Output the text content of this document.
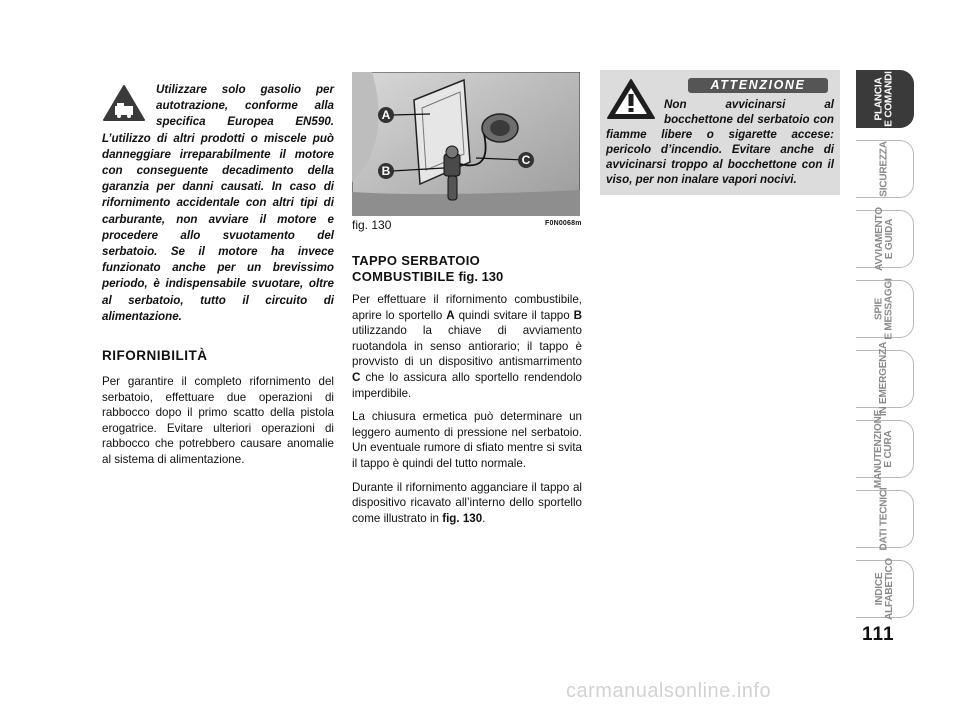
Utilizzare solo gasolio per autotrazione, conforme alla specifica Europea EN590. L’utilizzo di altri prodotti o miscele può danneggiare irreparabilmente il motore con conseguente decadimento della garanzia per danni causati. In caso di rifornimento accidentale con altri tipi di carburante, non avviare il motore e procedere allo svuotamento del serbatoio. Se il motore ha invece funzionato anche per un brevissimo periodo, è indispensabile svuotare, oltre al serbatoio, tutto il circuito di alimentazione.

RIFORNIBILITÀ

Per garantire il completo rifornimento del serbatoio, effettuare due operazioni di rabbocco dopo il primo scatto della pistola erogatrice. Evitare ulteriori operazioni di rabbocco che potrebbero causare anomalie al sistema di alimentazione.

A
B
C
fig. 130	F0N0068m
TAPPO SERBATOIO
COMBUSTIBILE fig. 130

Per effettuare il rifornimento combustibile, aprire lo sportello A quindi svitare il tappo B utilizzando la chiave di avviamento ruotandola in senso antiorario; il tappo è provvisto di un dispositivo antismarrimento C che lo assicura allo sportello rendendolo imperdibile.

La chiusura ermetica può determinare un leggero aumento di pressione nel serbatoio. Un eventuale rumore di sfiato mentre si svita il tappo è quindi del tutto normale.

Durante il rifornimento agganciare il tappo al dispositivo ricavato all’interno dello sportello come illustrato in fig. 130.

ATTENZIONE

Non avvicinarsi al bocchettone del serbatoio con fiamme libere o sigarette accese: pericolo d’incendio. Evitare anche di avvicinarsi troppo al bocchettone con il viso, per non inalare vapori nocivi.

PLANCIA
E COMANDI
SICUREZZA
AVVIAMENTO
E GUIDA
SPIE
E MESSAGGI
IN EMERGENZA
MANUTENZIONE
E CURA
DATI TECNICI
INDICE
ALFABETICO
111
carmanualsonline.info
